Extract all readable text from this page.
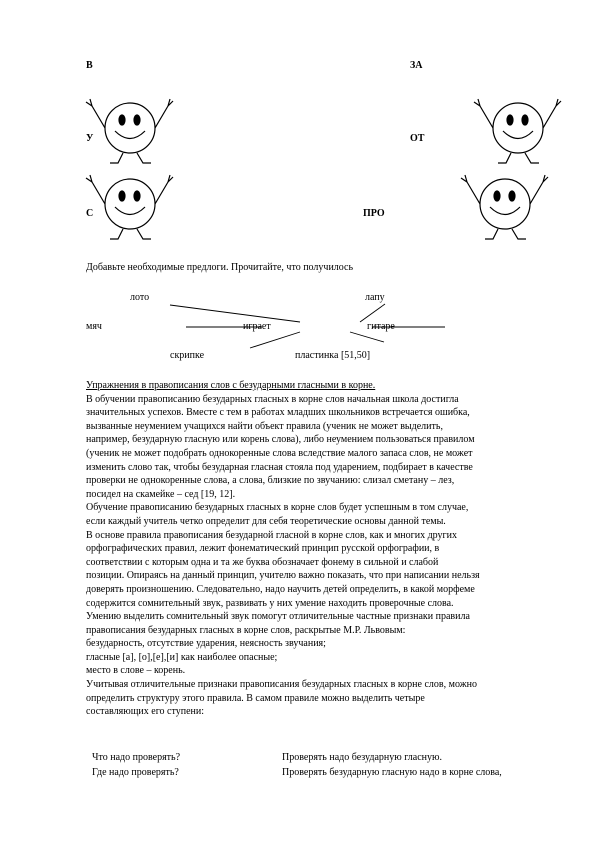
В	ЗА
У	ОТ
С	ПРО
Добавьте необходимые предлоги. Прочитайте, что получилось
лото	лапу
мяч	играет	гитаре
скрипке	пластинка [51,50]

Упражнения в правописания слов с безударными гласными в корне.

В обучении правописанию безударных гласных в корне слов начальная школа достигла

значительных успехов. Вместе с тем в работах младших школьников встречается ошибка,

вызванные неумением учащихся найти объект правила (ученик не может выделить,

например, безударную гласную или корень слова), либо неумением пользоваться правилом

(ученик не может подобрать однокоренные слова вследствие малого запаса слов, не может

изменить слово так, чтобы безударная гласная стояла под ударением, подбирает в качестве

проверки не однокоренные слова, а слова, близкие по звучанию: слизал сметану – лез,

посидел на скамейке – сед [19, 12].

Обучение правописанию безударных гласных в корне слов будет успешным в том случае,

если каждый учитель четко определит для себя теоретические основы данной темы.

В основе правила правописания безударной гласной в корне слов, как и многих других

орфографических правил, лежит фонематический принцип русской орфографии, в

соответствии с которым одна и та же буква обозначает фонему в сильной и слабой

позиции. Опираясь на данный принцип, учителю важно показать, что при написании нельзя

доверять произношению. Следовательно, надо научить детей определить, в какой морфеме

содержится сомнительный звук, развивать у них умение находить проверочные слова.

Умению выделить сомнительный звук помогут отличительные частные признаки правила

правописания безударных гласных в корне слов, раскрытые М.Р. Львовым:

безударность, отсутствие ударения, неясность звучания;

гласные [а], [о],[е],[и] как наиболее опасные;

место в слове – корень.

Учитывая отличительные признаки правописания безударных гласных в корне слов, можно

определить структуру этого правила. В самом правиле можно выделить четыре

составляющих его ступени:

Что надо проверять?	Проверять надо безударную гласную.
Где надо проверять?	Проверять безударную гласную надо в корне слова,
